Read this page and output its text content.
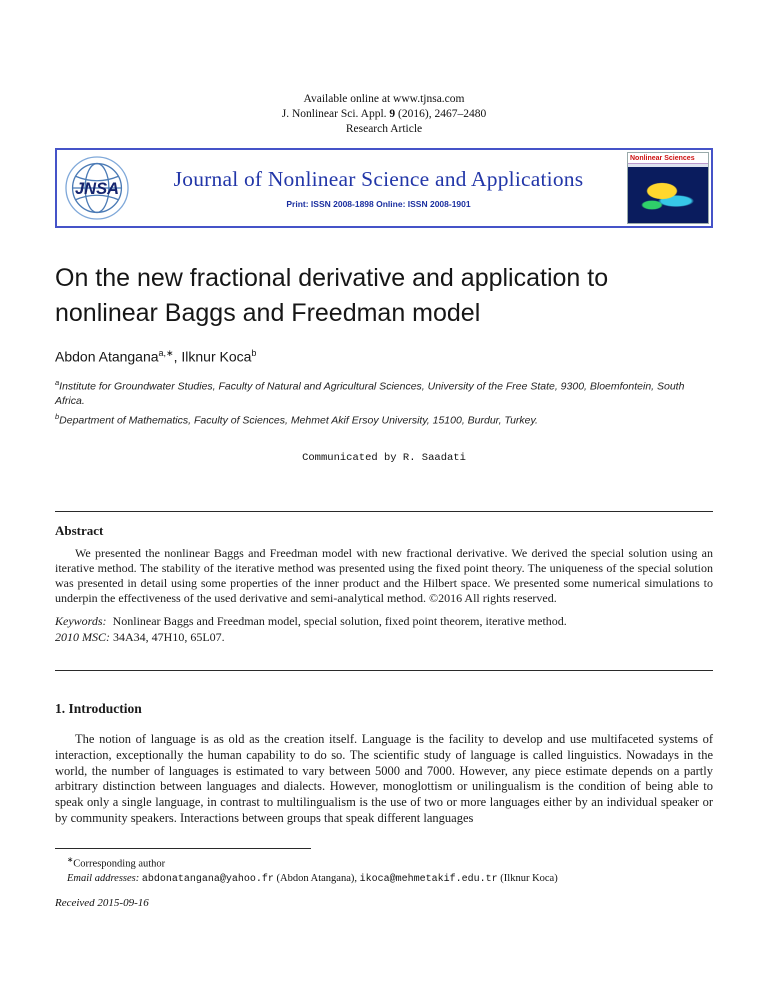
Available online at www.tjnsa.com
J. Nonlinear Sci. Appl. 9 (2016), 2467–2480
Research Article
JNSA	Journal of Nonlinear Science and Applications
Print: ISSN 2008-1898 Online: ISSN 2008-1901
Nonlinear Sciences
On the new fractional derivative and application to nonlinear Baggs and Freedman model
Abdon Atangana$^{a,∗}$, Ilknur Koca$^b$
$^a$Institute for Groundwater Studies, Faculty of Natural and Agricultural Sciences, University of the Free State, 9300, Bloemfontein, South Africa.
$^b$Department of Mathematics, Faculty of Sciences, Mehmet Akif Ersoy University, 15100, Burdur, Turkey.
Communicated by R. Saadati
Abstract

We presented the nonlinear Baggs and Freedman model with new fractional derivative. We derived the special solution using an iterative method. The stability of the iterative method was presented using the fixed point theory. The uniqueness of the special solution was presented in detail using some properties of the inner product and the Hilbert space. We presented some numerical simulations to underpin the effectiveness of the used derivative and semi-analytical method. ©2016 All rights reserved.

Keywords: Nonlinear Baggs and Freedman model, special solution, fixed point theorem, iterative method.

2010 MSC: 34A34, 47H10, 65L07.

1. Introduction

The notion of language is as old as the creation itself. Language is the facility to develop and use multifaceted systems of interaction, exceptionally the human capability to do so. The scientific study of language is called linguistics. Nowadays in the world, the number of languages is estimated to vary between 5000 and 7000. However, any piece estimate depends on a partly arbitrary distinction between languages and dialects. However, monoglottism or unilingualism is the condition of being able to speak only a single language, in contrast to multilingualism is the use of two or more languages either by an individual speaker or by community speakers. Interactions between groups that speak different languages

∗Corresponding author
Email addresses: abdonatangana@yahoo.fr (Abdon Atangana), ikoca@mehmetakif.edu.tr (Ilknur Koca)
Received 2015-09-16
